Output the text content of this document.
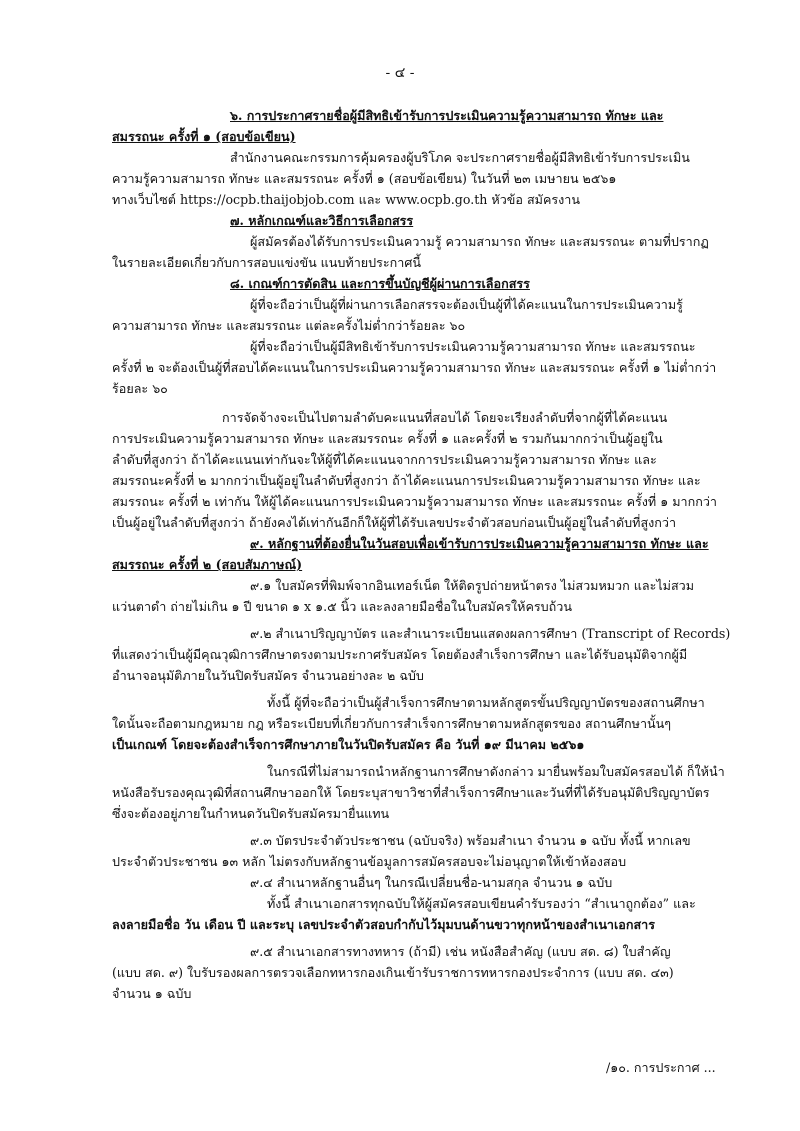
- ๔ -
๖. การประกาศรายชื่อผู้มีสิทธิเข้ารับการประเมินความรู้ความสามารถ ทักษะ และ
สมรรถนะ ครั้งที่ ๑ (สอบข้อเขียน)
สำนักงานคณะกรรมการคุ้มครองผู้บริโภค จะประกาศรายชื่อผู้มีสิทธิเข้ารับการประเมิน
ความรู้ความสามารถ ทักษะ และสมรรถนะ ครั้งที่ ๑ (สอบข้อเขียน) ในวันที่ ๒๓ เมษายน ๒๕๖๑
ทางเว็บไซต์ https://ocpb.thaijobjob.com และ www.ocpb.go.th หัวข้อ สมัครงาน
๗. หลักเกณฑ์และวิธีการเลือกสรร
ผู้สมัครต้องได้รับการประเมินความรู้ ความสามารถ ทักษะ และสมรรถนะ ตามที่ปรากฏ
ในรายละเอียดเกี่ยวกับการสอบแข่งขัน แนบท้ายประกาศนี้
๘. เกณฑ์การตัดสิน และการขึ้นบัญชีผู้ผ่านการเลือกสรร
ผู้ที่จะถือว่าเป็นผู้ที่ผ่านการเลือกสรรจะต้องเป็นผู้ที่ได้คะแนนในการประเมินความรู้
ความสามารถ ทักษะ และสมรรถนะ แต่ละครั้งไม่ต่ำกว่าร้อยละ ๖๐
ผู้ที่จะถือว่าเป็นผู้มีสิทธิเข้ารับการประเมินความรู้ความสามารถ ทักษะ และสมรรถนะ
ครั้งที่ ๒ จะต้องเป็นผู้ที่สอบได้คะแนนในการประเมินความรู้ความสามารถ ทักษะ และสมรรถนะ ครั้งที่ ๑ ไม่ต่ำกว่า
ร้อยละ ๖๐
การจัดจ้างจะเป็นไปตามลำดับคะแนนที่สอบได้ โดยจะเรียงลำดับที่จากผู้ที่ได้คะแนน
การประเมินความรู้ความสามารถ ทักษะ และสมรรถนะ ครั้งที่ ๑ และครั้งที่ ๒ รวมกันมากกว่าเป็นผู้อยู่ใน
ลำดับที่สูงกว่า ถ้าได้คะแนนเท่ากันจะให้ผู้ที่ได้คะแนนจากการประเมินความรู้ความสามารถ ทักษะ และ
สมรรถนะครั้งที่ ๒ มากกว่าเป็นผู้อยู่ในลำดับที่สูงกว่า ถ้าได้คะแนนการประเมินความรู้ความสามารถ ทักษะ และ
สมรรถนะ ครั้งที่ ๒ เท่ากัน ให้ผู้ได้คะแนนการประเมินความรู้ความสามารถ ทักษะ และสมรรถนะ ครั้งที่ ๑ มากกว่า
เป็นผู้อยู่ในลำดับที่สูงกว่า ถ้ายังคงได้เท่ากันอีกก็ให้ผู้ที่ได้รับเลขประจำตัวสอบก่อนเป็นผู้อยู่ในลำดับที่สูงกว่า
๙. หลักฐานที่ต้องยื่นในวันสอบเพื่อเข้ารับการประเมินความรู้ความสามารถ ทักษะ และ
สมรรถนะ ครั้งที่ ๒ (สอบสัมภาษณ์)
๙.๑ ใบสมัครที่พิมพ์จากอินเทอร์เน็ต ให้ติดรูปถ่ายหน้าตรง ไม่สวมหมวก และไม่สวม
แว่นตาดำ ถ่ายไม่เกิน ๑ ปี ขนาด ๑ x ๑.๕ นิ้ว และลงลายมือชื่อในใบสมัครให้ครบถ้วน
๙.๒ สำเนาปริญญาบัตร และสำเนาระเบียนแสดงผลการศึกษา (Transcript of Records)
ที่แสดงว่าเป็นผู้มีคุณวุฒิการศึกษาตรงตามประกาศรับสมัคร โดยต้องสำเร็จการศึกษา และได้รับอนุมัติจากผู้มี
อำนาจอนุมัติภายในวันปิดรับสมัคร จำนวนอย่างละ ๒ ฉบับ
ทั้งนี้ ผู้ที่จะถือว่าเป็นผู้สำเร็จการศึกษาตามหลักสูตรขั้นปริญญาบัตรของสถานศึกษา
ใดนั้นจะถือตามกฎหมาย กฎ หรือระเบียบที่เกี่ยวกับการสำเร็จการศึกษาตามหลักสูตรของ สถานศึกษานั้นๆ
เป็นเกณฑ์ โดยจะต้องสำเร็จการศึกษาภายในวันปิดรับสมัคร คือ วันที่ ๑๙ มีนาคม ๒๕๖๑
ในกรณีที่ไม่สามารถนำหลักฐานการศึกษาดังกล่าว มายื่นพร้อมใบสมัครสอบได้ ก็ให้นำ
หนังสือรับรองคุณวุฒิที่สถานศึกษาออกให้ โดยระบุสาขาวิชาที่สำเร็จการศึกษาและวันที่ที่ได้รับอนุมัติปริญญาบัตร
ซึ่งจะต้องอยู่ภายในกำหนดวันปิดรับสมัครมายื่นแทน
๙.๓ บัตรประจำตัวประชาชน (ฉบับจริง) พร้อมสำเนา จำนวน ๑ ฉบับ ทั้งนี้ หากเลข
ประจำตัวประชาชน ๑๓ หลัก ไม่ตรงกับหลักฐานข้อมูลการสมัครสอบจะไม่อนุญาตให้เข้าห้องสอบ
๙.๔ สำเนาหลักฐานอื่นๆ ในกรณีเปลี่ยนชื่อ-นามสกุล จำนวน ๑ ฉบับ
ทั้งนี้ สำเนาเอกสารทุกฉบับให้ผู้สมัครสอบเขียนคำรับรองว่า “สำเนาถูกต้อง” และ
ลงลายมือชื่อ วัน เดือน ปี และระบุ เลขประจำตัวสอบกำกับไว้มุมบนด้านขวาทุกหน้าของสำเนาเอกสาร
๙.๕ สำเนาเอกสารทางทหาร (ถ้ามี) เช่น หนังสือสำคัญ (แบบ สด. ๘) ใบสำคัญ
(แบบ สด. ๙) ใบรับรองผลการตรวจเลือกทหารกองเกินเข้ารับราชการทหารกองประจำการ (แบบ สด. ๔๓)
จำนวน ๑ ฉบับ
/๑๐. การประกาศ ...
